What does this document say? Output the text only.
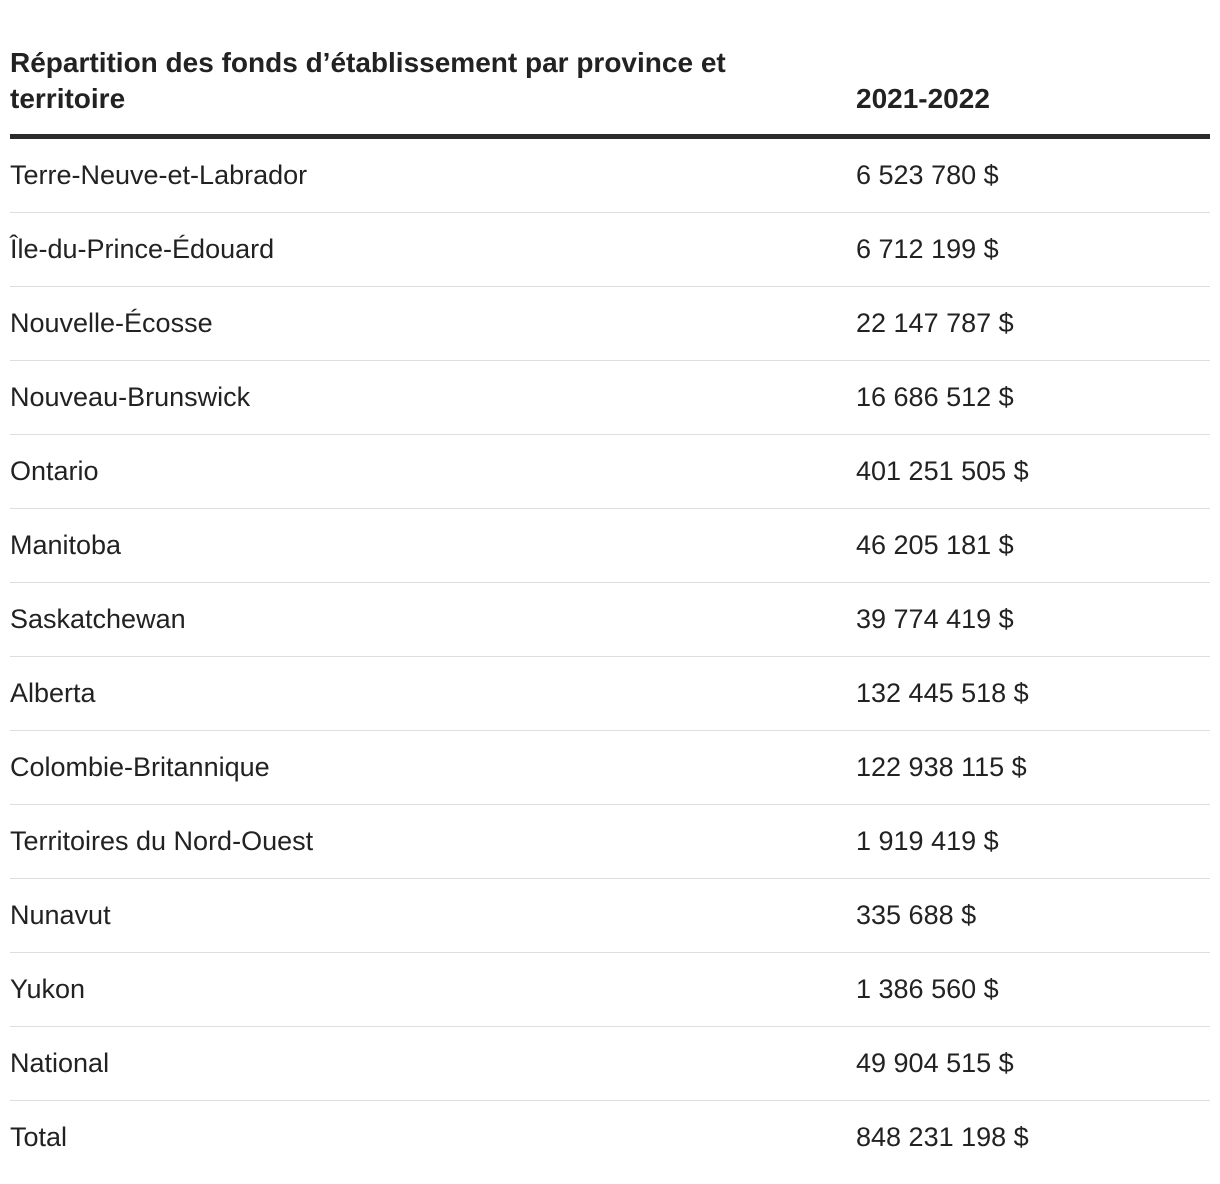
Répartition des fonds d’établissement par province et territoire	2021-2022
Terre-Neuve-et-Labrador	6 523 780 $
Île-du-Prince-Édouard	6 712 199 $
Nouvelle-Écosse	22 147 787 $
Nouveau-Brunswick	16 686 512 $
Ontario	401 251 505 $
Manitoba	46 205 181 $
Saskatchewan	39 774 419 $
Alberta	132 445 518 $
Colombie-Britannique	122 938 115 $
Territoires du Nord-Ouest	1 919 419 $
Nunavut	335 688 $
Yukon	1 386 560 $
National	49 904 515 $
Total	848 231 198 $
